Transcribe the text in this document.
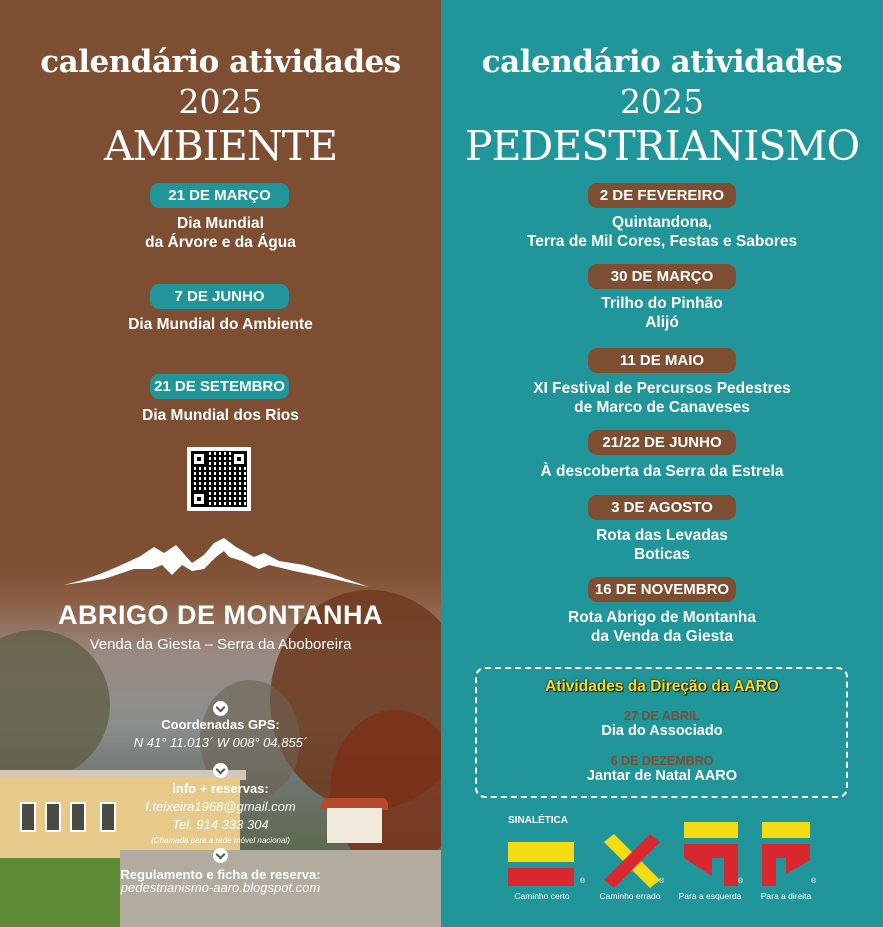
calendário atividades
2025
AMBIENTE
21 DE MARÇO
Dia Mundial
da Árvore e da Água
7 DE JUNHO
Dia Mundial do Ambiente
21 DE SETEMBRO
Dia Mundial dos Rios
ABRIGO DE MONTANHA
Venda da Giesta – Serra da Aboboreira
Coordenadas GPS:
N 41° 11.013´ W 008° 04.855´
info + reservas:
f.teixeira1968@gmail.com
Tel. 914 333 304
(Chamada para a rede móvel nacional)
Regulamento e ficha de reserva:
pedestrianismo-aaro.blogspot.com
calendário atividades
2025
PEDESTRIANISMO
2 DE FEVEREIRO
Quintandona,
Terra de Mil Cores, Festas e Sabores
30 DE MARÇO
Trilho do Pinhão
Alijó
11 DE MAIO
XI Festival de Percursos Pedestres
de Marco de Canaveses
21/22 DE JUNHO
À descoberta da Serra da Estrela
3 DE AGOSTO
Rota das Levadas
Boticas
16 DE NOVEMBRO
Rota Abrigo de Montanha
da Venda da Giesta
Atividades da Direção da AARO
27 DE ABRIL
Dia do Associado
6 DE DEZEMBRO
Jantar de Natal AARO
SINALÉTICA
®
Caminho certo
®
Caminho errado
®
Para a esquerda
®
Para a direita
